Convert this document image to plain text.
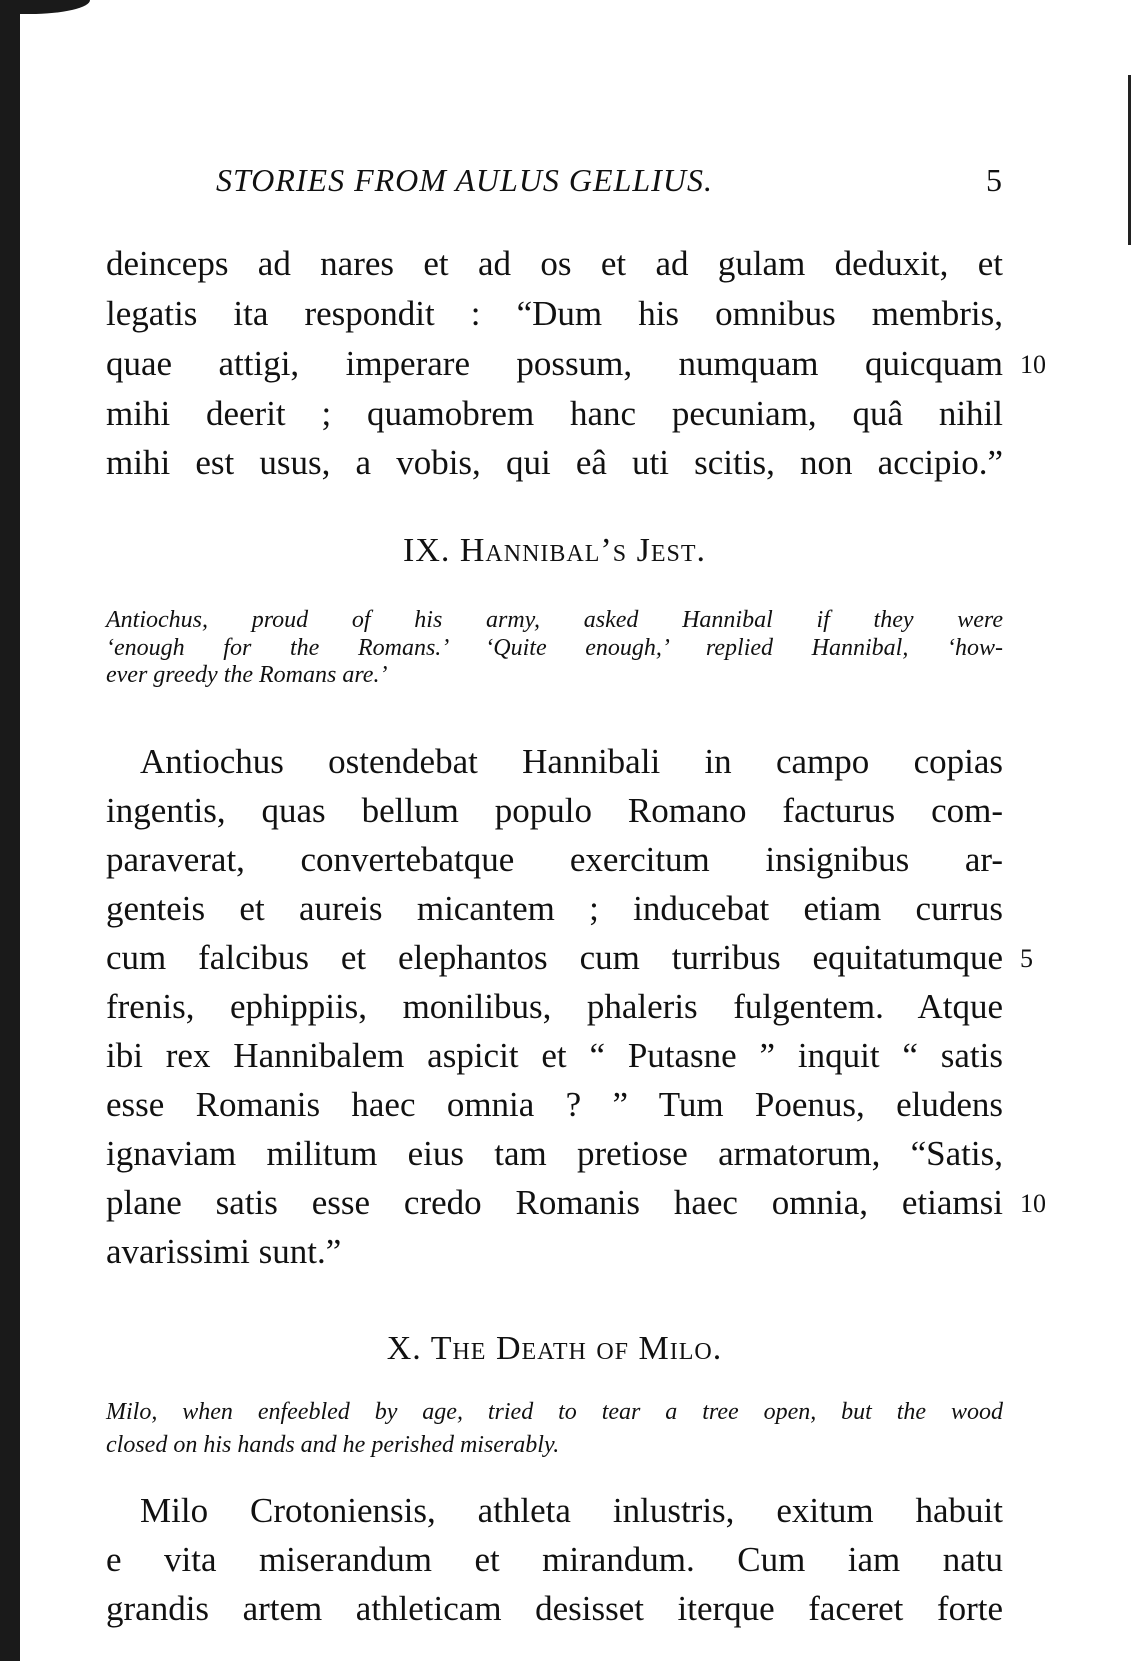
STORIES FROM AULUS GELLIUS.	5
deinceps ad nares et ad os et ad gulam deduxit, et
legatis ita respondit : “Dum his omnibus membris,
quae attigi, imperare possum, numquam quicquam 10
mihi deerit ; quamobrem hanc pecuniam, quâ nihil
mihi est usus, a vobis, qui eâ uti scitis, non accipio.”
IX. Hannibal’s Jest.
Antiochus, proud of his army, asked Hannibal if they were
‘enough for the Romans.’ ‘Quite enough,’ replied Hannibal, ‘how-
ever greedy the Romans are.’
Antiochus ostendebat Hannibali in campo copias
ingentis, quas bellum populo Romano facturus com-
paraverat, convertebatque exercitum insignibus ar-
genteis et aureis micantem ; inducebat etiam currus
cum falcibus et elephantos cum turribus equitatumque 5
frenis, ephippiis, monilibus, phaleris fulgentem. Atque
ibi rex Hannibalem aspicit et “ Putasne ” inquit “ satis
esse Romanis haec omnia ? ” Tum Poenus, eludens
ignaviam militum eius tam pretiose armatorum, “Satis,
plane satis esse credo Romanis haec omnia, etiamsi 10
avarissimi sunt.”
X. The Death of Milo.
Milo, when enfeebled by age, tried to tear a tree open, but the wood
closed on his hands and he perished miserably.
Milo Crotoniensis, athleta inlustris, exitum habuit
e vita miserandum et mirandum. Cum iam natu
grandis artem athleticam desisset iterque faceret forte
